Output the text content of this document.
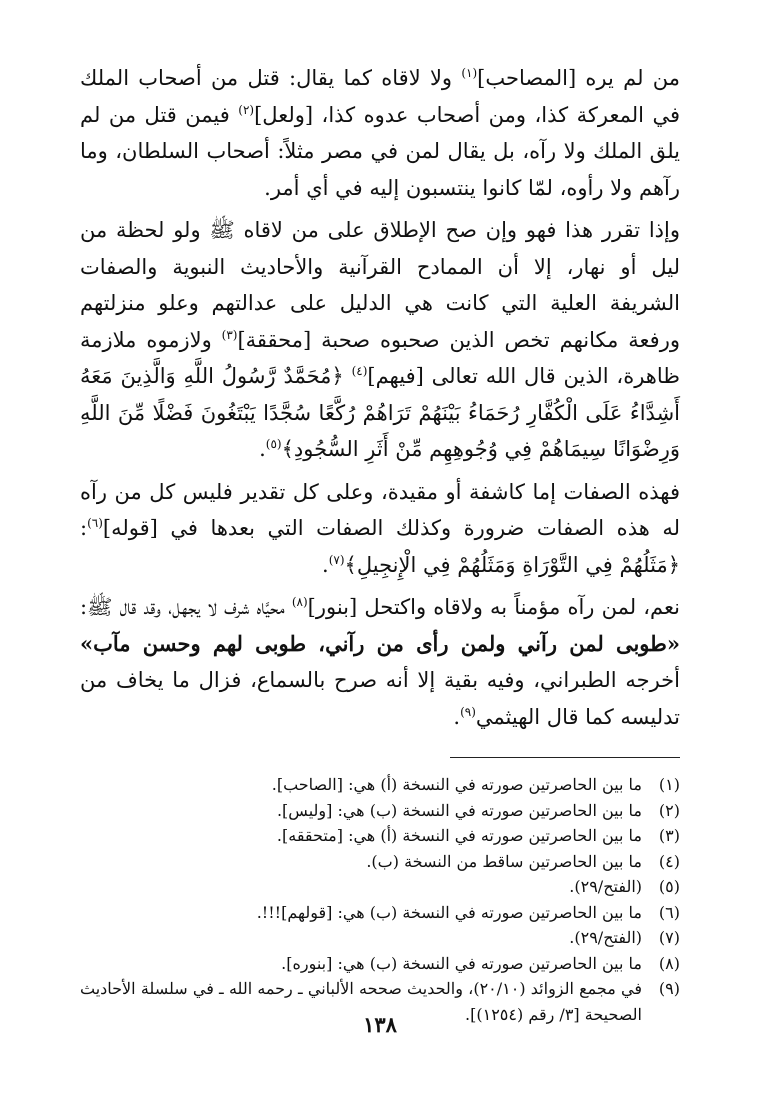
من لم يره [المصاحب]$^{(١)}$ ولا لاقاه كما يقال: قتل من أصحاب الملك في المعركة كذا، ومن أصحاب عدوه كذا، [ولعل]$^{(٢)}$ فيمن قتل من لم يلق الملك ولا رآه، بل يقال لمن في مصر مثلاً: أصحاب السلطان، وما رآهم ولا رأوه، لمّا كانوا ينتسبون إليه في أي أمر.

وإذا تقرر هذا فهو وإن صح الإطلاق على من لاقاه ﷺ ولو لحظة من ليل أو نهار، إلا أن الممادح القرآنية والأحاديث النبوية والصفات الشريفة العلية التي كانت هي الدليل على عدالتهم وعلو منزلتهم ورفعة مكانهم تخص الذين صحبوه صحبة [محققة]$^{(٣)}$ ولازموه ملازمة ظاهرة، الذين قال الله تعالى [فيهم]$^{(٤)}$ ﴿مُحَمَّدٌ رَّسُولُ اللَّهِ وَالَّذِينَ مَعَهُ أَشِدَّاءُ عَلَى الْكُفَّارِ رُحَمَاءُ بَيْنَهُمْ تَرَاهُمْ رُكَّعًا سُجَّدًا يَبْتَغُونَ فَضْلًا مِّنَ اللَّهِ وَرِضْوَانًا سِيمَاهُمْ فِي وُجُوهِهِم مِّنْ أَثَرِ السُّجُودِ﴾$^{(٥)}$.

فهذه الصفات إما كاشفة أو مقيدة، وعلى كل تقدير فليس كل من رآه له هذه الصفات ضرورة وكذلك الصفات التي بعدها في [قوله]$^{(٦)}$: ﴿مَثَلُهُمْ فِي التَّوْرَاةِ وَمَثَلُهُمْ فِي الْإِنجِيلِ﴾$^{(٧)}$.

نعم، لمن رآه مؤمناً به ولاقاه واكتحل [بنور]$^{(٨)}$ محيَّاه شرف لا يجهل، وقد قال ﷺ: «طوبى لمن رآني ولمن رأى من رآني، طوبى لهم وحسن مآب» أخرجه الطبراني، وفيه بقية إلا أنه صرح بالسماع، فزال ما يخاف من تدليسه كما قال الهيثمي$^{(٩)}$.

(١)
ما بين الحاصرتين صورته في النسخة (أ) هي: [الصاحب].
(٢)
ما بين الحاصرتين صورته في النسخة (ب) هي: [وليس].
(٣)
ما بين الحاصرتين صورته في النسخة (أ) هي: [متحققه].
(٤)
ما بين الحاصرتين ساقط من النسخة (ب).
(٥)
(الفتح/٢٩).
(٦)
ما بين الحاصرتين صورته في النسخة (ب) هي: [قولهم]!!!.
(٧)
(الفتح/٢٩).
(٨)
ما بين الحاصرتين صورته في النسخة (ب) هي: [بنوره].
(٩)
في مجمع الزوائد (٢٠/١٠)، والحديث صححه الألباني ـ رحمه الله ـ في سلسلة الأحاديث الصحيحة [٣/ رقم (١٢٥٤)].
١٣٨
